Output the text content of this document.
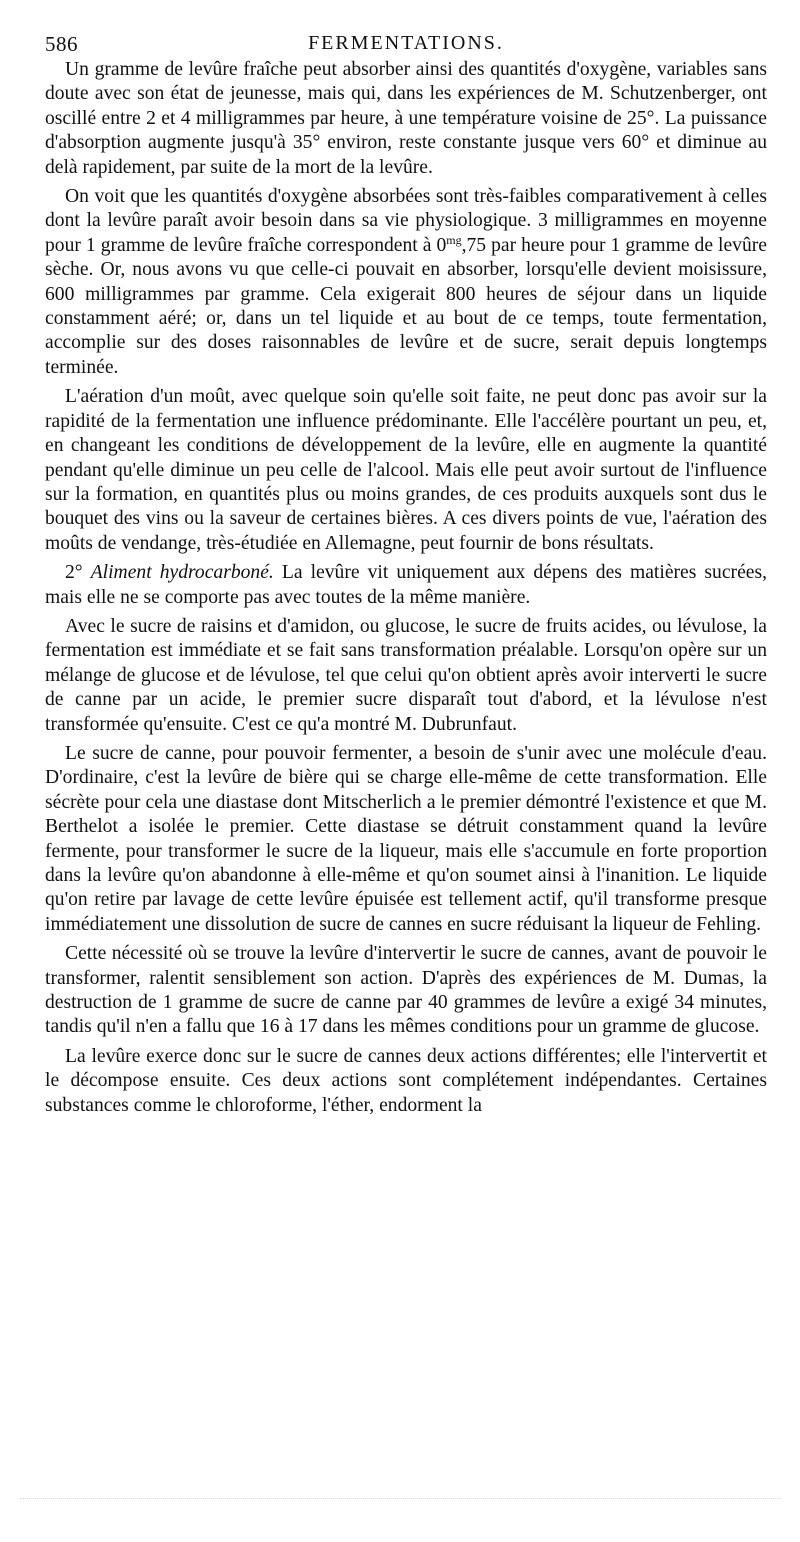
586	FERMENTATIONS.

Un gramme de levûre fraîche peut absorber ainsi des quantités d'oxygène, variables sans doute avec son état de jeunesse, mais qui, dans les expériences de M. Schutzenberger, ont oscillé entre 2 et 4 milligrammes par heure, à une température voisine de 25°. La puissance d'absorption augmente jusqu'à 35° environ, reste constante jusque vers 60° et diminue au delà rapidement, par suite de la mort de la levûre.

On voit que les quantités d'oxygène absorbées sont très-faibles comparativement à celles dont la levûre paraît avoir besoin dans sa vie physiologique. 3 milligrammes en moyenne pour 1 gramme de levûre fraîche correspondent à $0^{mg},75$ par heure pour 1 gramme de levûre sèche. Or, nous avons vu que celle-ci pouvait en absorber, lorsqu'elle devient moisissure, 600 milligrammes par gramme. Cela exigerait 800 heures de séjour dans un liquide constamment aéré; or, dans un tel liquide et au bout de ce temps, toute fermentation, accomplie sur des doses raisonnables de levûre et de sucre, serait depuis longtemps terminée.

L'aération d'un moût, avec quelque soin qu'elle soit faite, ne peut donc pas avoir sur la rapidité de la fermentation une influence prédominante. Elle l'accélère pourtant un peu, et, en changeant les conditions de développement de la levûre, elle en augmente la quantité pendant qu'elle diminue un peu celle de l'alcool. Mais elle peut avoir surtout de l'influence sur la formation, en quantités plus ou moins grandes, de ces produits auxquels sont dus le bouquet des vins ou la saveur de certaines bières. A ces divers points de vue, l'aération des moûts de vendange, très-étudiée en Allemagne, peut fournir de bons résultats.

2° Aliment hydrocarboné. La levûre vit uniquement aux dépens des matières sucrées, mais elle ne se comporte pas avec toutes de la même manière.

Avec le sucre de raisins et d'amidon, ou glucose, le sucre de fruits acides, ou lévulose, la fermentation est immédiate et se fait sans transformation préalable. Lorsqu'on opère sur un mélange de glucose et de lévulose, tel que celui qu'on obtient après avoir interverti le sucre de canne par un acide, le premier sucre disparaît tout d'abord, et la lévulose n'est transformée qu'ensuite. C'est ce qu'a montré M. Dubrunfaut.

Le sucre de canne, pour pouvoir fermenter, a besoin de s'unir avec une molécule d'eau. D'ordinaire, c'est la levûre de bière qui se charge elle-même de cette transformation. Elle sécrète pour cela une diastase dont Mitscherlich a le premier démontré l'existence et que M. Berthelot a isolée le premier. Cette diastase se détruit constamment quand la levûre fermente, pour transformer le sucre de la liqueur, mais elle s'accumule en forte proportion dans la levûre qu'on abandonne à elle-même et qu'on soumet ainsi à l'inanition. Le liquide qu'on retire par lavage de cette levûre épuisée est tellement actif, qu'il transforme presque immédiatement une dissolution de sucre de cannes en sucre réduisant la liqueur de Fehling.

Cette nécessité où se trouve la levûre d'intervertir le sucre de cannes, avant de pouvoir le transformer, ralentit sensiblement son action. D'après des expériences de M. Dumas, la destruction de 1 gramme de sucre de canne par 40 grammes de levûre a exigé 34 minutes, tandis qu'il n'en a fallu que 16 à 17 dans les mêmes conditions pour un gramme de glucose.

La levûre exerce donc sur le sucre de cannes deux actions différentes; elle l'intervertit et le décompose ensuite. Ces deux actions sont complétement indépendantes. Certaines substances comme le chloroforme, l'éther, endorment la
